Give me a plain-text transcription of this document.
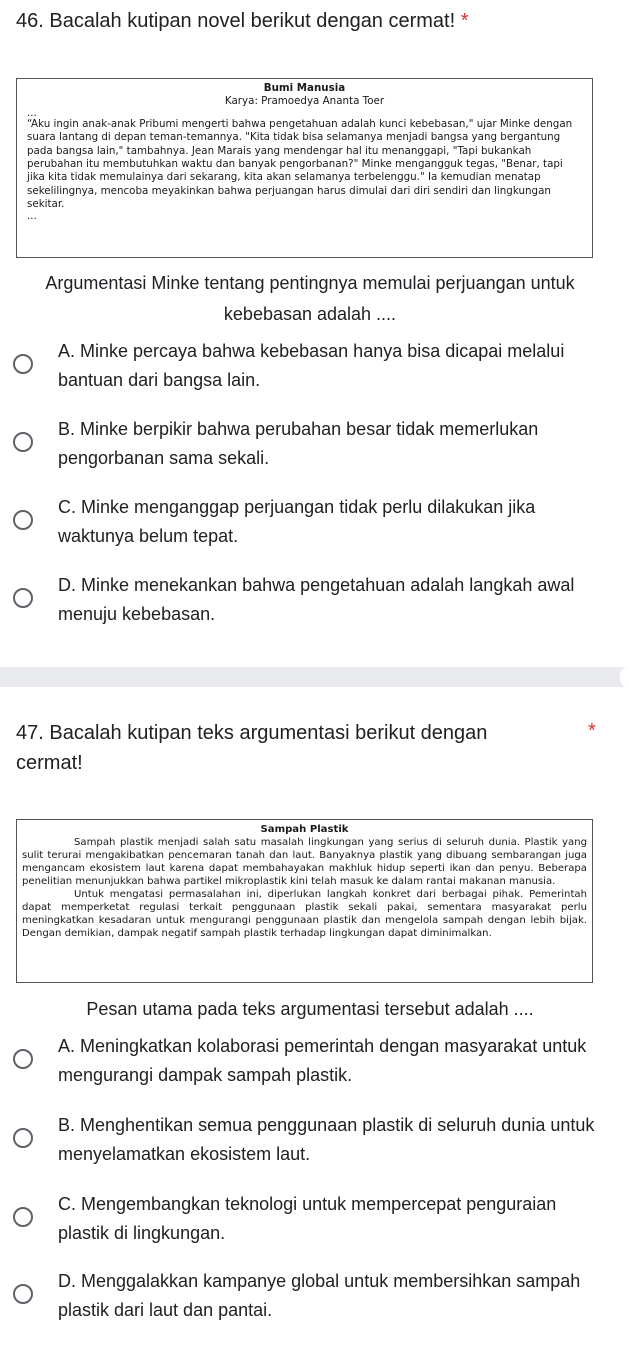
46. Bacalah kutipan novel berikut dengan cermat! *
Bumi Manusia
Karya: Pramoedya Ananta Toer
...
“Aku ingin anak-anak Pribumi mengerti bahwa pengetahuan adalah kunci kebebasan," ujar Minke dengan suara lantang di depan teman-temannya. "Kita tidak bisa selamanya menjadi bangsa yang bergantung pada bangsa lain," tambahnya. Jean Marais yang mendengar hal itu menanggapi, "Tapi bukankah perubahan itu membutuhkan waktu dan banyak pengorbanan?" Minke mengangguk tegas, "Benar, tapi jika kita tidak memulainya dari sekarang, kita akan selamanya terbelenggu." Ia kemudian menatap sekelilingnya, mencoba meyakinkan bahwa perjuangan harus dimulai dari diri sendiri dan lingkungan sekitar.
...
Argumentasi Minke tentang pentingnya memulai perjuangan untuk kebebasan adalah ....
A. Minke percaya bahwa kebebasan hanya bisa dicapai melalui bantuan dari bangsa lain.
B. Minke berpikir bahwa perubahan besar tidak memerlukan pengorbanan sama sekali.
C. Minke menganggap perjuangan tidak perlu dilakukan jika waktunya belum tepat.
D. Minke menekankan bahwa pengetahuan adalah langkah awal menuju kebebasan.
47. Bacalah kutipan teks argumentasi berikut dengan cermat!
*
Sampah Plastik

Sampah plastik menjadi salah satu masalah lingkungan yang serius di seluruh dunia. Plastik yang sulit terurai mengakibatkan pencemaran tanah dan laut. Banyaknya plastik yang dibuang sembarangan juga mengancam ekosistem laut karena dapat membahayakan makhluk hidup seperti ikan dan penyu. Beberapa penelitian menunjukkan bahwa partikel mikroplastik kini telah masuk ke dalam rantai makanan manusia.

Untuk mengatasi permasalahan ini, diperlukan langkah konkret dari berbagai pihak. Pemerintah dapat memperketat regulasi terkait penggunaan plastik sekali pakai, sementara masyarakat perlu meningkatkan kesadaran untuk mengurangi penggunaan plastik dan mengelola sampah dengan lebih bijak. Dengan demikian, dampak negatif sampah plastik terhadap lingkungan dapat diminimalkan.

Pesan utama pada teks argumentasi tersebut adalah ....
A. Meningkatkan kolaborasi pemerintah dengan masyarakat untuk mengurangi dampak sampah plastik.
B. Menghentikan semua penggunaan plastik di seluruh dunia untuk menyelamatkan ekosistem laut.
C. Mengembangkan teknologi untuk mempercepat penguraian plastik di lingkungan.
D. Menggalakkan kampanye global untuk membersihkan sampah plastik dari laut dan pantai.
